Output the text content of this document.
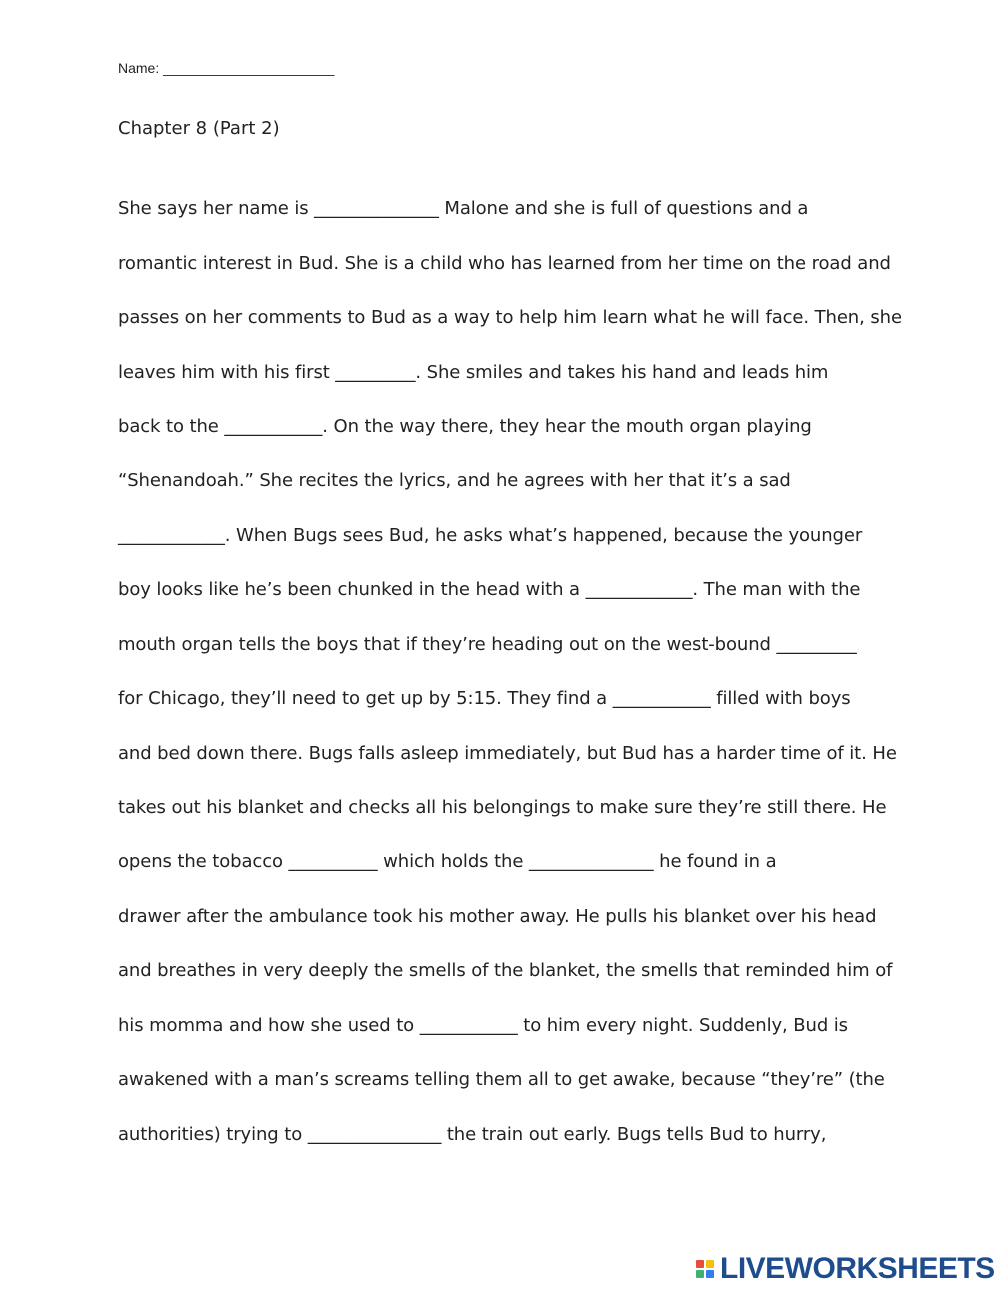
Name: ______________________
Chapter 8 (Part 2)
She says her name is ______________ Malone and she is full of questions and a
romantic interest in Bud. She is a child who has learned from her time on the road and
passes on her comments to Bud as a way to help him learn what he will face. Then, she
leaves him with his first _________. She smiles and takes his hand and leads him
back to the ___________. On the way there, they hear the mouth organ playing
“Shenandoah.” She recites the lyrics, and he agrees with her that it’s a sad
____________. When Bugs sees Bud, he asks what’s happened, because the younger
boy looks like he’s been chunked in the head with a ____________. The man with the
mouth organ tells the boys that if they’re heading out on the west-bound _________
for Chicago, they’ll need to get up by 5:15. They find a ___________ filled with boys
and bed down there. Bugs falls asleep immediately, but Bud has a harder time of it. He
takes out his blanket and checks all his belongings to make sure they’re still there. He
opens the tobacco __________ which holds the ______________ he found in a
drawer after the ambulance took his mother away. He pulls his blanket over his head
and breathes in very deeply the smells of the blanket, the smells that reminded him of
his momma and how she used to ___________ to him every night. Suddenly, Bud is
awakened with a man’s screams telling them all to get awake, because “they’re” (the
authorities) trying to _______________ the train out early. Bugs tells Bud to hurry,
LIVEWORKSHEETS
